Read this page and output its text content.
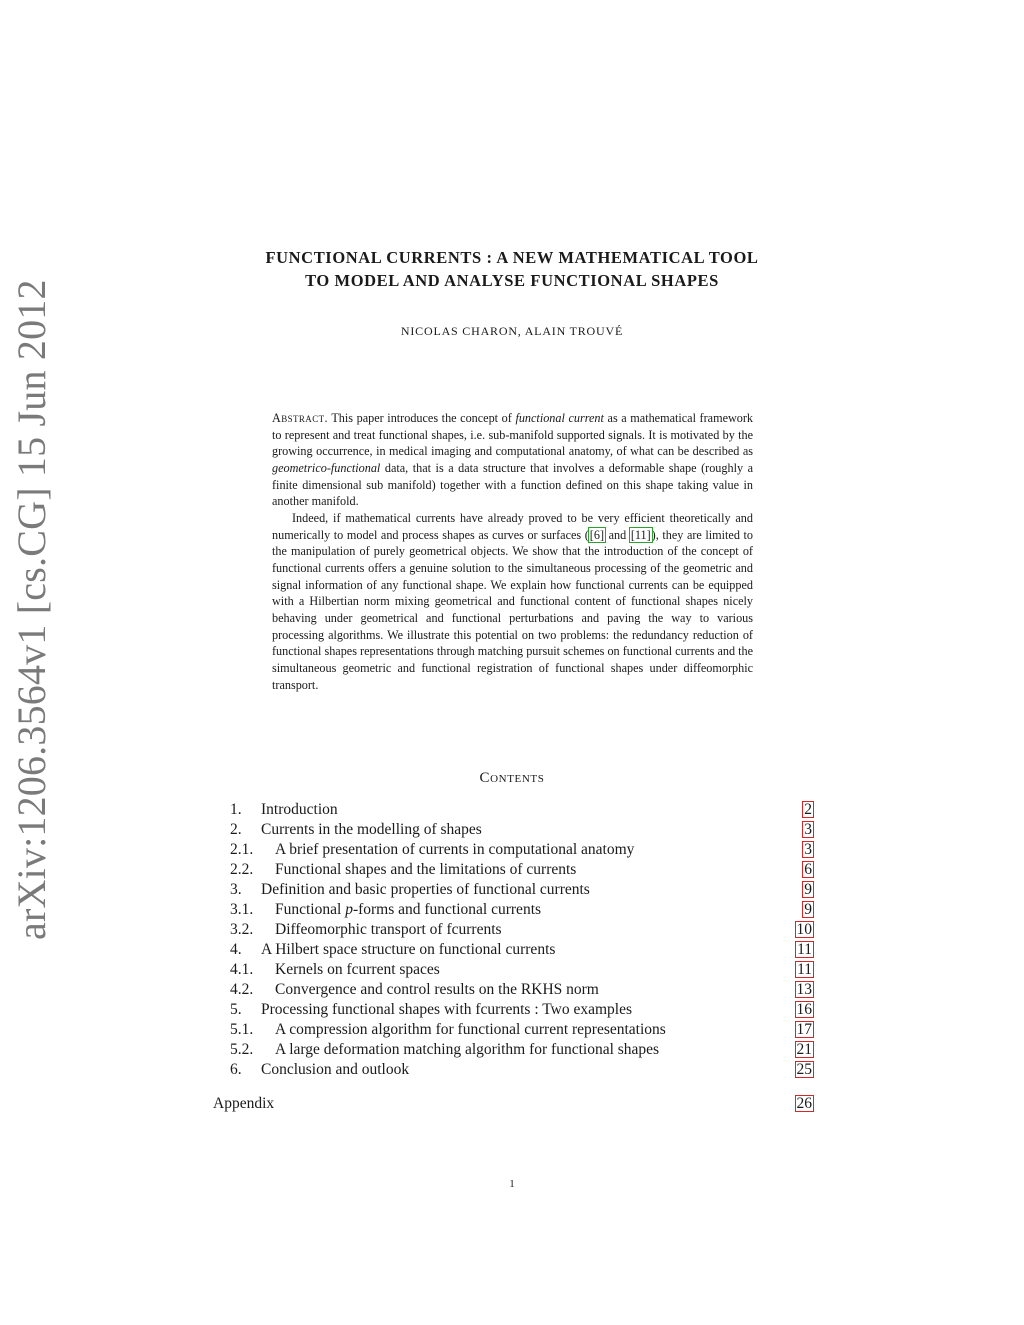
arXiv:1206.3564v1 [cs.CG] 15 Jun 2012
FUNCTIONAL CURRENTS : A NEW MATHEMATICAL TOOL
TO MODEL AND ANALYSE FUNCTIONAL SHAPES
NICOLAS CHARON, ALAIN TROUVÉ

Abstract. This paper introduces the concept of functional current as a mathematical framework to represent and treat functional shapes, i.e. sub-manifold supported signals. It is motivated by the growing occurrence, in medical imaging and computational anatomy, of what can be described as geometrico-functional data, that is a data structure that involves a deformable shape (roughly a finite dimensional sub manifold) together with a function defined on this shape taking value in another manifold.

Indeed, if mathematical currents have already proved to be very efficient theoretically and numerically to model and process shapes as curves or surfaces ([6] and [11]), they are limited to the manipulation of purely geometrical objects. We show that the introduction of the concept of functional currents offers a genuine solution to the simultaneous processing of the geometric and signal information of any functional shape. We explain how functional currents can be equipped with a Hilbertian norm mixing geometrical and functional content of functional shapes nicely behaving under geometrical and functional perturbations and paving the way to various processing algorithms. We illustrate this potential on two problems: the redundancy reduction of functional shapes representations through matching pursuit schemes on functional currents and the simultaneous geometric and functional registration of functional shapes under diffeomorphic transport.

Contents
1. Introduction	2
2. Currents in the modelling of shapes	3
2.1. A brief presentation of currents in computational anatomy	3
2.2. Functional shapes and the limitations of currents	6
3. Definition and basic properties of functional currents	9
3.1. Functional p-forms and functional currents	9
3.2. Diffeomorphic transport of fcurrents	10
4. A Hilbert space structure on functional currents	11
4.1. Kernels on fcurrent spaces	11
4.2. Convergence and control results on the RKHS norm	13
5. Processing functional shapes with fcurrents : Two examples	16
5.1. A compression algorithm for functional current representations	17
5.2. A large deformation matching algorithm for functional shapes	21
6. Conclusion and outlook	25
Appendix	26
1
